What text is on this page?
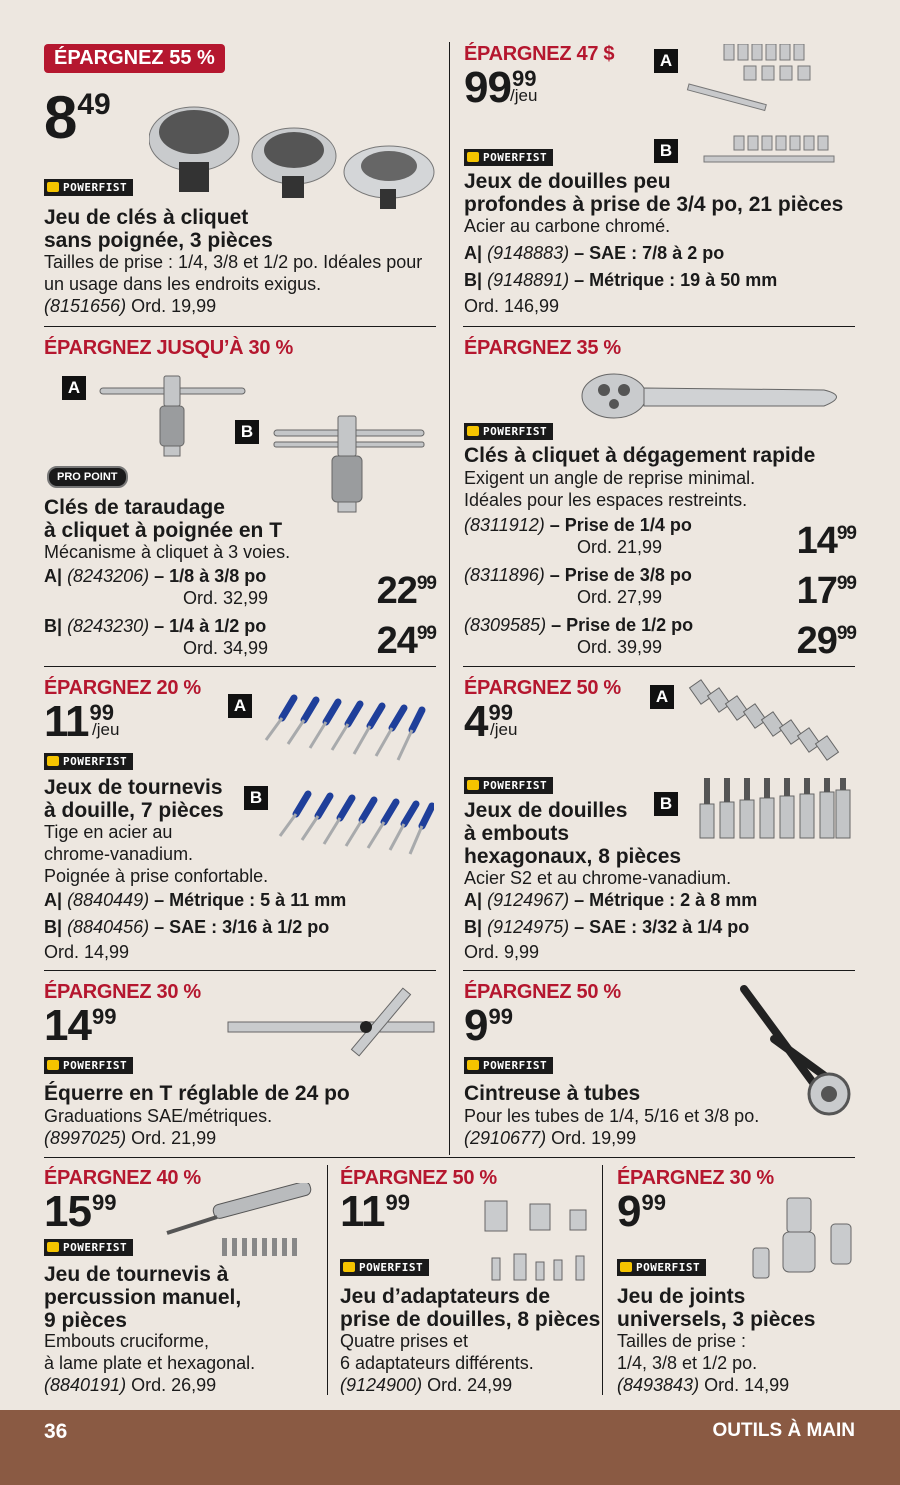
ÉPARGNEZ 55 %
$8^{49}$
POWERFIST
Jeu de clés à cliquet
sans poignée, 3 pièces
Tailles de prise : 1/4, 3/8 et 1/2 po. Idéales pour un usage dans les endroits exigus.
(8151656) Ord. 19,99
ÉPARGNEZ 47 $
$99^{99}$
/jeu
A
B
POWERFIST
Jeux de douilles peu
profondes à prise de 3/4 po, 21 pièces
Acier au carbone chromé.
A| (9148883) – SAE : 7/8 à 2 po
B| (9148891) – Métrique : 19 à 50 mm
Ord. 146,99
ÉPARGNEZ JUSQU’À 30 %
A
B
PRO POINT
Clés de taraudage
à cliquet à poignée en T
Mécanisme à cliquet à 3 voies.
A| (8243206) – 1/8 à 3/8 po
Ord. 32,99	$22^{99}$
B| (8243230) – 1/4 à 1/2 po
Ord. 34,99	$24^{99}$
ÉPARGNEZ 35 %
POWERFIST
Clés à cliquet à dégagement rapide
Exigent un angle de reprise minimal.
Idéales pour les espaces restreints.
(8311912) – Prise de 1/4 po
Ord. 21,99	$14^{99}$
(8311896) – Prise de 3/8 po
Ord. 27,99	$17^{99}$
(8309585) – Prise de 1/2 po
Ord. 39,99	$29^{99}$
ÉPARGNEZ 20 %
$11^{99}$
/jeu
A
B
POWERFIST
Jeux de tournevis
à douille, 7 pièces
Tige en acier au
chrome-vanadium.
Poignée à prise confortable.
A| (8840449) – Métrique : 5 à 11 mm
B| (8840456) – SAE : 3/16 à 1/2 po
Ord. 14,99
ÉPARGNEZ 50 %
$4^{99}$
/jeu
A
B
POWERFIST
Jeux de douilles
à embouts
hexagonaux, 8 pièces
Acier S2 et au chrome-vanadium.
A| (9124967) – Métrique : 2 à 8 mm
B| (9124975) – SAE : 3/32 à 1/4 po
Ord. 9,99
ÉPARGNEZ 30 %
$14^{99}$
POWERFIST
Équerre en T réglable de 24 po
Graduations SAE/métriques.
(8997025) Ord. 21,99
ÉPARGNEZ 50 %
$9^{99}$
POWERFIST
Cintreuse à tubes
Pour les tubes de 1/4, 5/16 et 3/8 po.
(2910677) Ord. 19,99
ÉPARGNEZ 40 %
$15^{99}$
POWERFIST
Jeu de tournevis à
percussion manuel,
9 pièces
Embouts cruciforme,
à lame plate et hexagonal.
(8840191) Ord. 26,99
ÉPARGNEZ 50 %
$11^{99}$
POWERFIST
Jeu d’adaptateurs de
prise de douilles, 8 pièces
Quatre prises et
6 adaptateurs différents.
(9124900) Ord. 24,99
ÉPARGNEZ 30 %
$9^{99}$
POWERFIST
Jeu de joints
universels, 3 pièces
Tailles de prise :
1/4, 3/8 et 1/2 po.
(8493843) Ord. 14,99
36	OUTILS À MAIN
